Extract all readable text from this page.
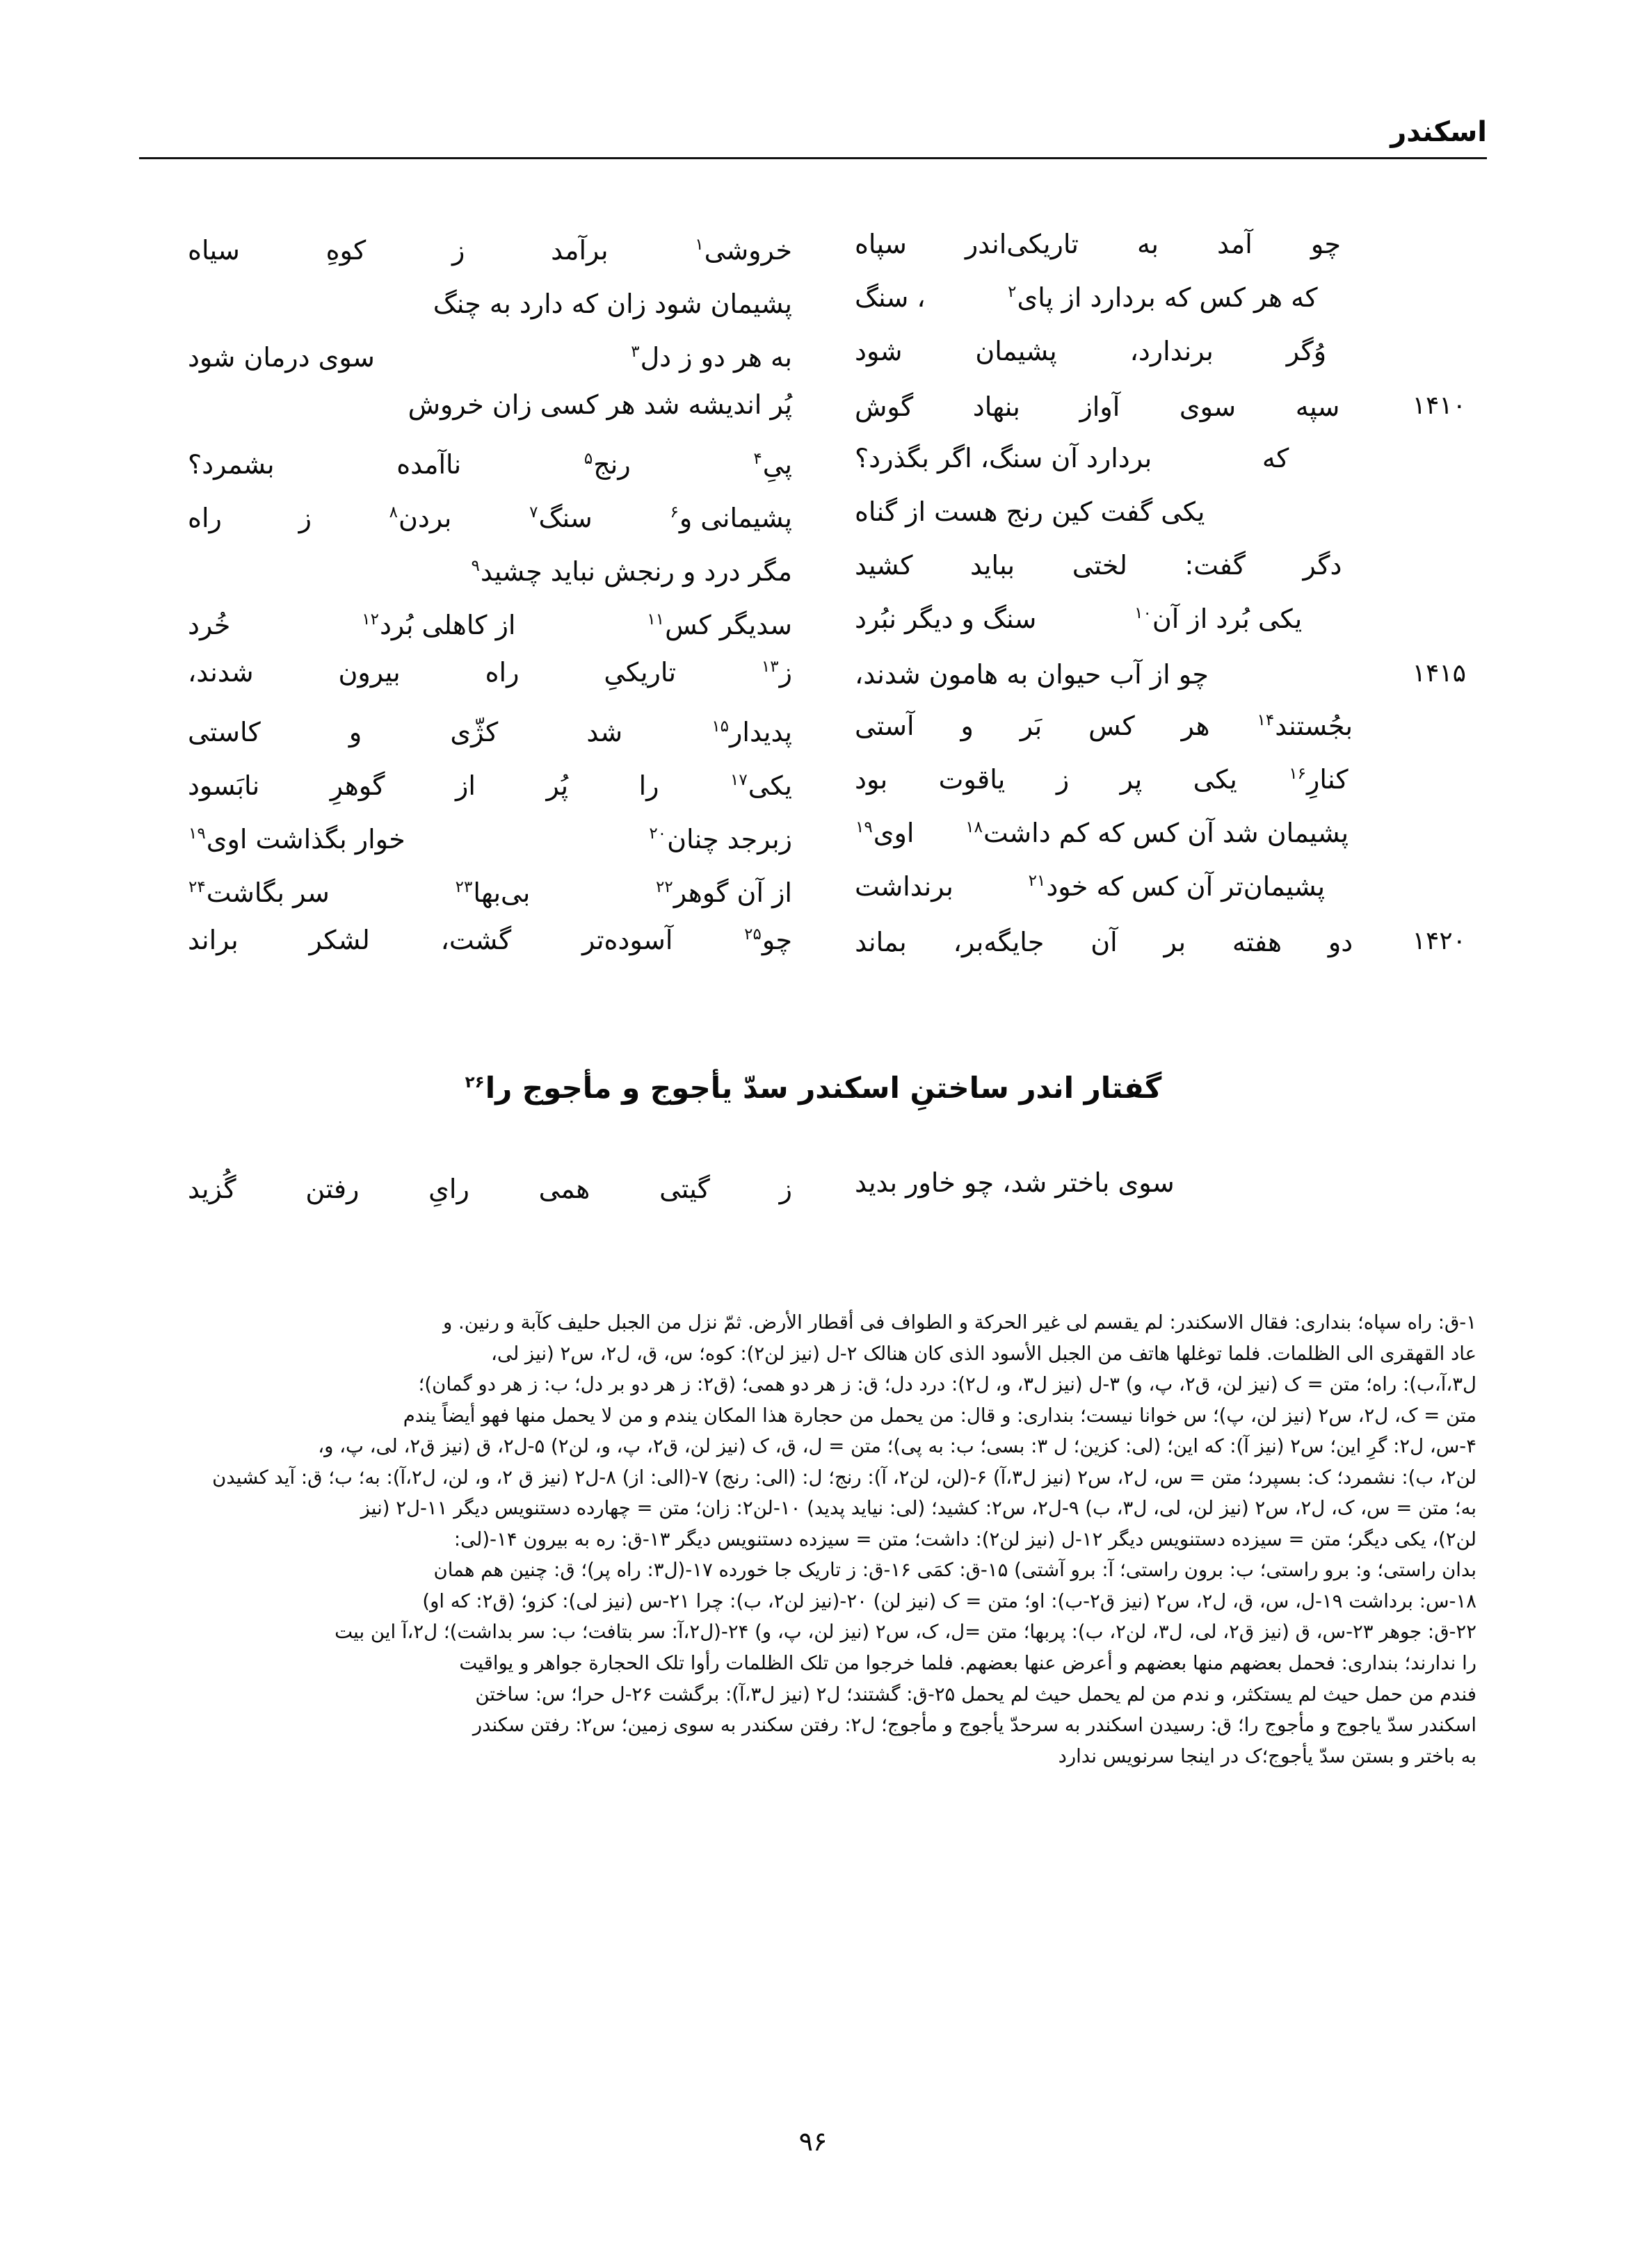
اسکندر
چو
آمد
به
تاریکی‌اندر
سپاه
خروشی$^۱$
برآمد
ز
کوهِ
سیاه
که هر کس که بردارد از پای$^۲$
، سنگ
پشیمان شود زان که دارد به چنگ
وُگر
برندارد،
پشیمان
شود
به هر دو ز دل$^۳$
سوی درمان شود
۱۴۱۰
سپه
سوی
آواز
بنهاد
گوش
پُر اندیشه شد هر کسی زان خروش
که
بردارد آن سنگ، اگر بگذرد؟
پیِ$^۴$
رنج$^۵$
ناآمده
بشمرد؟
یکی گفت کین رنج هست از گناه
پشیمانی و$^۶$
سنگ$^۷$
بردن$^۸$
ز
راه
دگر
گفت:
لختی
بباید
کشید
مگر درد و رنجش نباید چشید$^۹$
یکی بُرد از آن$^{۱۰}$
سنگ و دیگر نبُرد
سدیگر کس$^{۱۱}$
از کاهلی بُرد$^{۱۲}$
خُرد
۱۴۱۵
چو از آب حیوان به هامون شدند،
ز$^{۱۳}$
تاریکیِ
راه
بیرون
شدند،
بجُستند$^{۱۴}$
هر
کس
بَر
و
آستی
پدیدار$^{۱۵}$
شد
کژّی
و
کاستی
کنارِ$^{۱۶}$
یکی
پر
ز
یاقوت
بود
یکی$^{۱۷}$
را
پُر
از
گوهرِ
نابَسود
پشیمان شد آن کس که کم داشت$^{۱۸}$
اوی$^{۱۹}$
زبرجد چنان$^{۲۰}$
خوار بگذاشت اوی$^{۱۹}$
پشیمان‌تر آن کس که خود$^{۲۱}$
برنداشت
از آن گوهر$^{۲۲}$
بی‌بها$^{۲۳}$
سر بگاشت$^{۲۴}$
۱۴۲۰
دو
هفته
بر
آن
جایگه‌بر،
بماند
چو$^{۲۵}$
آسوده‌تر
گشت،
لشکر
براند
گفتار اندر ساختنِ اسکندر سدّ یأجوج و مأجوج را$^{۲۶}$
سوی باختر شد، چو خاور بدید
ز
گیتی
همی
رایِ
رفتن
گُزید

۱-ق: راه سپاه؛ بنداری: فقال الاسکندر: لم یقسم لی غیر الحرکة و الطواف فی أقطار الأرض. ثمّ نزل من الجبل حلیف کآبة و رنین. و

عاد القهقری الی الظلمات. فلما توغلها هاتف من الجبل الأسود الذی کان هنالک ۲-ل (نیز لن۲): کوه؛ س، ق، ل۲، س۲ (نیز لی،

ل۳،آ،ب): راه؛ متن = ک (نیز لن، ق۲، پ، و) ۳-ل (نیز ل۳، و، ل۲): درد دل؛ ق: ز هر دو همی؛ (ق۲: ز هر دو بر دل؛ ب: ز هر دو گمان)؛

متن = ک، ل۲، س۲ (نیز لن، پ)؛ س خوانا نیست؛ بنداری: و قال: من یحمل من حجارة هذا المکان یندم و من لا یحمل منها فهو أیضاً یندم

۴-س، ل۲: گرِ این؛ س۲ (نیز آ): که این؛ (لی: کزین؛ ل ۳: بسی؛ ب: به پی)؛ متن = ل، ق، ک (نیز لن، ق۲، پ، و، لن۲) ۵-ل۲، ق (نیز ق۲، لی، پ، و،

لن۲، ب): نشمرد؛ ک: بسپرد؛ متن = س، ل۲، س۲ (نیز ل۳،آ) ۶-(لن، لن۲، آ): رنج؛ ل: (الی: رنج) ۷-(الی: از) ۸-ل۲ (نیز ق ۲، و، لن، ل۲،آ): به؛ ب؛ ق: آید کشیدن

به؛ متن = س، ک، ل۲، س۲ (نیز لن، لی، ل۳، ب) ۹-ل۲، س۲: کشید؛ (لی: نیاید پدید) ۱۰-لن۲: زان؛ متن = چهارده دستنویس دیگر ۱۱-ل۲ (نیز

لن۲)، یکی دیگر؛ متن = سیزده دستنویس دیگر ۱۲-ل (نیز لن۲): داشت؛ متن = سیزده دستنویس دیگر ۱۳-ق: ره به بیرون ۱۴-(لی:

بدان راستی؛ و: برو راستی؛ ب: برون راستی؛ آ: برو آشتی) ۱۵-ق: کمَی ۱۶-ق: ز تاریک جا خورده ۱۷-(ل۳: راه پر)؛ ق: چنین هم همان

۱۸-س: برداشت ۱۹-ل، س، ق، ل۲، س۲ (نیز ق۲-ب): او؛ متن = ک (نیز لن) ۲۰-(نیز لن۲، ب): چرا ۲۱-س (نیز لی): کزو؛ (ق۲: که او)

۲۲-ق: جوهر ۲۳-س، ق (نیز ق۲، لی، ل۳، لن۲، ب): پربها؛ متن =ل، ک، س۲ (نیز لن، پ، و) ۲۴-(ل۲،آ: سر بتافت؛ ب: سر بداشت)؛ ل۲،آ این بیت

را ندارند؛ بنداری: فحمل بعضهم منها بعضهم و أعرض عنها بعضهم. فلما خرجوا من تلک الظلمات رأوا تلک الحجارة جواهر و یواقیت

فندم من حمل حیث لم یستکثر، و ندم من لم یحمل حیث لم یحمل ۲۵-ق: گشتند؛ ل۲ (نیز ل۳،آ): برگشت ۲۶-ل حرا؛ س: ساختن

اسکندر سدّ یاجوج و مأجوج را؛ ق: رسیدن اسکندر به سرحدّ یأجوج و مأجوج؛ ل۲: رفتن سکندر به سوی زمین؛ س۲: رفتن سکندر

به باختر و بستن سدّ یأجوج؛ک در اینجا سرنویس ندارد

۹۶
